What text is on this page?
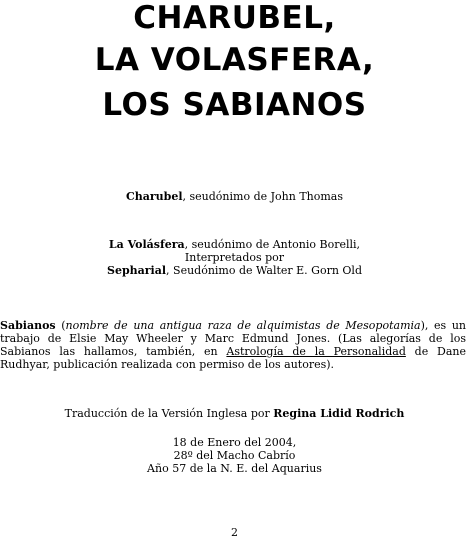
CHARUBEL,
LA VOLASFERA,
LOS SABIANOS
Charubel, seudónimo de John Thomas
La Volásfera, seudónimo de Antonio Borelli,
Interpretados por
Sepharial, Seudónimo de Walter E. Gorn Old
Sabianos (nombre de una antigua raza de alquimistas de Mesopotamia), es un trabajo de Elsie May Wheeler y Marc Edmund Jones. (Las alegorías de los Sabianos las hallamos, también, en Astrología de la Personalidad de Dane Rudhyar, publicación realizada con permiso de los autores).
Traducción de la Versión Inglesa por Regina Lidid Rodrich
18 de Enero del 2004,
28º del Macho Cabrío
Año 57 de la N. E. del Aquarius
2
